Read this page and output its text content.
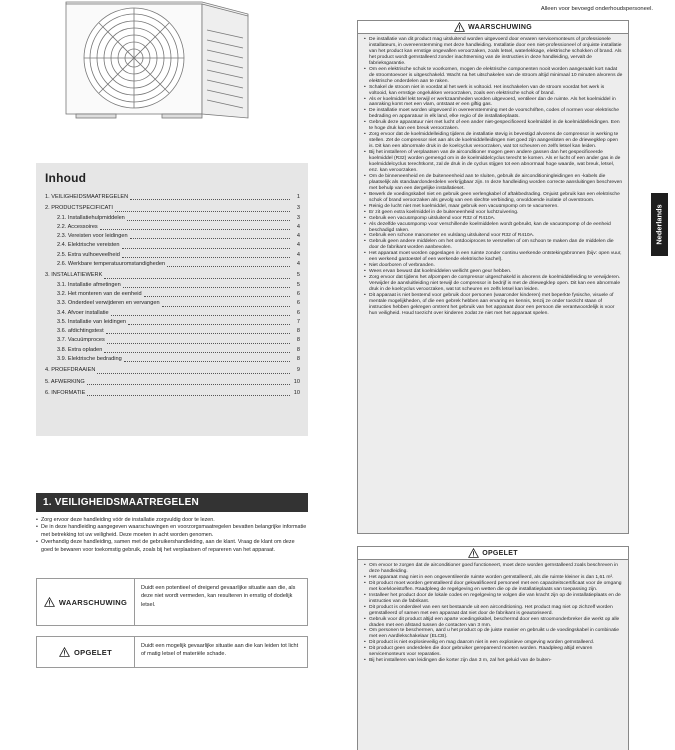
Inhoud
1. VEILIGHEIDSMAATREGELEN	1
2. PRODUCTSPECIFICATI	3
2.1. Installatiehulpmiddelen	3
2.2. Accessoires	4
2.3. Vereisten voor leidingen	4
2.4. Elektrische vereisten	4
2.5. Extra vulhoeveelheid	4
2.6. Werkbare temperatuuromstandigheden	4
3. INSTALLATIEWERK	5
3.1. Installatie afmetingen	5
3.2. Het monteren van de eenheid	6
3.3. Onderdeel verwijderen en vervangen	6
3.4. Afvoer installatie	6
3.5. Installatie van leidingen	7
3.6. afdichtingstest	8
3.7. Vacuümproces	8
3.8. Extra opladen	8
3.9. Elektrische bedrading	8
4. PROEFDRAAIEN	9
5. AFWERKING	10
6. INFORMATIE	10
1. VEILIGHEIDSMAATREGELEN
• Zorg ervoor deze handleiding vóór de installatie zorgvuldig door te lezen.
• De in deze handleiding aangegeven waarschuwingen en voorzorgsmaatregelen bevatten belangrijke informatie met betrekking tot uw veiligheid. Deze moeten in acht worden genomen.
• Overhandig deze handleiding, samen met de gebruikershandleiding, aan de klant. Vraag de klant om deze goed te bewaren voor toekomstig gebruik, zoals bij het verplaatsen of repareren van het apparaat.
WAARSCHUWING
Duidt een potentieel of dreigend gevaarlijke situatie aan die, als deze niet wordt vermeden, kan resulteren in ernstig of dodelijk letsel.
OPGELET
Duidt een mogelijk gevaarlijke situatie aan die kan leiden tot licht of matig letsel of materiële schade.
Alleen voor bevoegd onderhoudspersoneel.
WAARSCHUWING
• De installatie van dit product mag uitsluitend worden uitgevoerd door ervaren servicemonteurs of professionele installateurs, in overeenstemming met deze handleiding. Installatie door een niet-professioneel of onjuiste installatie van het product kan ernstige ongevallen veroorzaken, zoals letsel, waterlekkage, elektrische schokken of brand. Als het product wordt geïnstalleerd zonder inachtneming van de instructies in deze handleiding, vervalt de fabrieksgarantie.
• Om een elektrische schok te voorkomen, mogen de elektrische componenten nooit worden aangeraakt kort nadat de stroomtoevoer is uitgeschakeld. Wacht na het uitschakelen van de stroom altijd minimaal 10 minuten alvorens de elektrische onderdelen aan te raken.
• Schakel de stroom niet in voordat al het werk is voltooid. Het inschakelen van de stroom voordat het werk is voltooid, kan ernstige ongelukken veroorzaken, zoals een elektrische schok of brand.
• Als er koelmiddel lekt terwijl er werkzaamheden worden uitgevoerd, ventileer dan de ruimte. Als het koelmiddel in aanraking komt met een vlam, ontstaat er een giftig gas.
• De installatie moet worden uitgevoerd in overeenstemming met de voorschriften, codes of normen voor elektrische bedrading en apparatuur in elk land, elke regio of de installatieplaats.
• Gebruik deze apparatuur niet met lucht of een ander niet-gespecificeerd koelmiddel in de koelmiddelleidingen. Een te hoge druk kan een breuk veroorzaken.
• Zorg ervoor dat de koelmiddelleiding tijdens de installatie stevig is bevestigd alvorens de compressor in werking te stellen. Zet de compressor niet aan als de koelmiddelleidingen niet goed zijn aangesloten en de driewegklep open is. Dit kan een abnormale druk in de koelcyclus veroorzaken, wat tot scheuren en zelfs letsel kan leiden.
• Bij het installeren of verplaatsen van de airconditioner mogen geen andere gassen dan het gespecificeerde koelmiddel (R32) worden gemengd om in de koelmiddelcyclus terecht te komen. Als er lucht of een ander gas in de koelmiddelcyclus terechtkomt, zal de druk in de cyclus stijgen tot een abnormaal hoge waarde, wat breuk, letsel, enz. kan veroorzaken.
• Om de binneneenheid en de buiteneenheid aan te sluiten, gebruik de airconditioningleidingen en -kabels die plaatselijk als standaardonderdelen verkrijgbaar zijn. In deze handleiding worden correcte aansluitingen beschreven met behulp van een dergelijke installatieset.
• Bewerk de voedingskabel niet en gebruik geen verlengkabel of aftakbedrading. Onjuist gebruik kan een elektrische schok of brand veroorzaken als gevolg van een slechte verbinding, onvoldoende isolatie of overstroom.
• Reinig de lucht niet met koelmiddel, maar gebruik een vacuümpomp om te vacumeren.
• Er zit geen extra koelmiddel in de buiteneenheid voor luchtzuivering.
• Gebruik een vacuümpomp uitsluitend voor R32 of R410A.
• Als dezelfde vacuümpomp voor verschillende koelmiddelen wordt gebruikt, kan de vacuümpomp of de eenheid beschadigd raken.
• Gebruik een schone manometer en vulslang uitsluitend voor R32 of R410A.
• Gebruik geen andere middelen om het ontdooiproces te versnellen of om schoon te maken dan de middelen die door de fabrikant worden aanbevolen.
• Het apparaat moet worden opgeslagen in een ruimte zonder continu werkende ontstekingsbronnen (bijv: open vuur, een werkend gastoestel of een werkende elektrische kachel).
• Niet doorboren of verbranden.
• Wees ervan bewust dat koelmiddelen wellicht geen geur hebben.
• Zorg ervoor dat tijdens het afpompen de compressor uitgeschakeld is alvorens de koelmiddelleiding te verwijderen. Verwijder de aansluitleiding niet terwijl de compressor in bedrijf is met de driewegklep open. Dit kan een abnormale druk in de koelcyclus veroorzaken, wat tot scheuren en zelfs letsel kan leiden.
• Dit apparaat is niet bestemd voor gebruik door personen (waaronder kinderen) met beperkte fysische, visuele of mentale mogelijkheden, of die een gebrek hebben aan ervaring en kennis, tenzij ze onder toezicht staan of instructies hebben gekregen omtrent het gebruik van het apparaat door een persoon die verantwoordelijk is voor hun veiligheid. Houd toezicht over kinderen zodat ze niet met het apparaat spelen.
OPGELET
• Om ervoor te zorgen dat de airconditioner goed functioneert, moet deze worden geïnstalleerd zoals beschreven in deze handleiding.
• Het apparaat mag niet in een ongeventileerde ruimte worden geïnstalleerd, als die ruimte kleiner is dan 1,61 m².
• Dit product moet worden geïnstalleerd door gekwalificeerd personeel met een capaciteitscertificaat voor de omgang met koelvloeistoffen. Raadpleeg de regelgeving en wetten die op de installatieplaats van toepassing zijn.
• Installeer het product door de lokale codes en regelgeving te volgen die van kracht zijn op de installatieplaats en de instructies van de fabrikant.
• Dit product is onderdeel van een set bestaande uit een airconditioning. Het product mag niet op zichzelf worden geïnstalleerd of samen met een apparaat dat niet door de fabrikant is geautoriseerd.
• Gebruik voor dit product altijd een aparte voedingskabel, beschermd door een stroomonderbreker die werkt op alle draden met een afstand tussen de contacten van 3 mm.
• Om personen te beschermen, aard u het product op de juiste manier en gebruikt u de voedingskabel in combinatie met een Aardlekschakelaar (ELCB).
• Dit product is niet explosieveilig en mag daarom niet in een explosieve omgeving worden geïnstalleerd.
• Dit product geen onderdelen die door gebruiker gerepareerd moeten worden. Raadpleeg altijd ervaren servicemonteurs voor reparaties.
• Bij het installeren van leidingen die korter zijn dan 3 m, zal het geluid van de buiten-
Nederlands
